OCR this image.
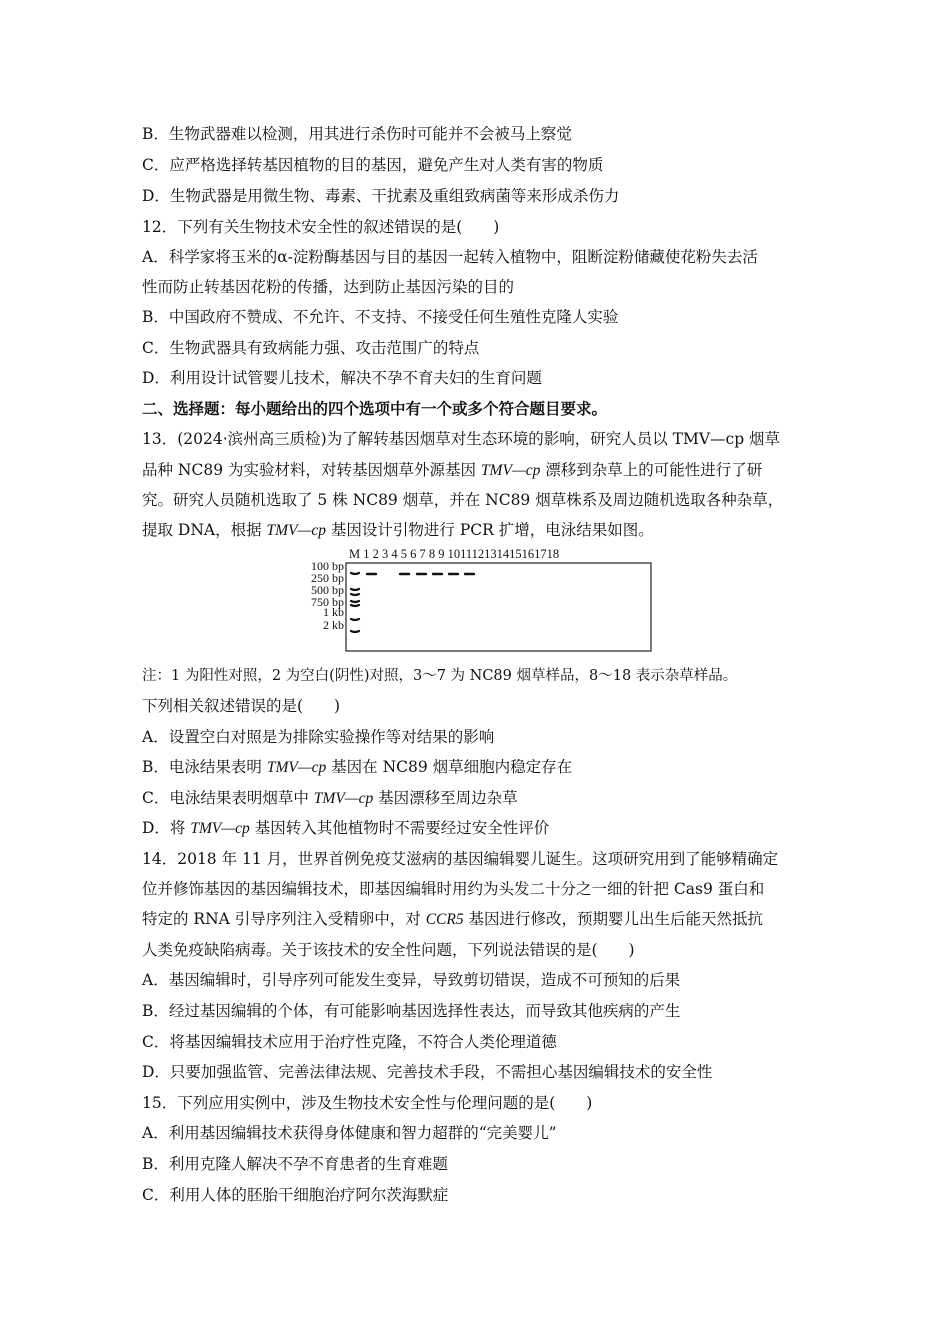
B．生物武器难以检测，用其进行杀伤时可能并不会被马上察觉
C．应严格选择转基因植物的目的基因，避免产生对人类有害的物质
D．生物武器是用微生物、毒素、干扰素及重组致病菌等来形成杀伤力
12．下列有关生物技术安全性的叙述错误的是(　　)
A．科学家将玉米的α-淀粉酶基因与目的基因一起转入植物中，阻断淀粉储藏使花粉失去活
性而防止转基因花粉的传播，达到防止基因污染的目的
B．中国政府不赞成、不允许、不支持、不接受任何生殖性克隆人实验
C．生物武器具有致病能力强、攻击范围广的特点
D．利用设计试管婴儿技术，解决不孕不育夫妇的生育问题
二、选择题：每小题给出的四个选项中有一个或多个符合题目要求。
13．(2024·滨州高三质检)为了解转基因烟草对生态环境的影响，研究人员以 TMV—cp 烟草
品种 NC89 为实验材料，对转基因烟草外源基因 TMV—cp 漂移到杂草上的可能性进行了研
究。研究人员随机选取了 5 株 NC89 烟草，并在 NC89 烟草株系及周边随机选取各种杂草，
提取 DNA，根据 TMV—cp 基因设计引物进行 PCR 扩增，电泳结果如图。
M 1 2 3 4 5 6 7 8 9 101112131415161718
100 bp
250 bp
500 bp
750 bp
1 kb
2 kb
注：1 为阳性对照，2 为空白(阴性)对照，3～7 为 NC89 烟草样品，8～18 表示杂草样品。
下列相关叙述错误的是(　　)
A．设置空白对照是为排除实验操作等对结果的影响
B．电泳结果表明 TMV—cp 基因在 NC89 烟草细胞内稳定存在
C．电泳结果表明烟草中 TMV—cp 基因漂移至周边杂草
D．将 TMV—cp 基因转入其他植物时不需要经过安全性评价
14．2018 年 11 月，世界首例免疫艾滋病的基因编辑婴儿诞生。这项研究用到了能够精确定
位并修饰基因的基因编辑技术，即基因编辑时用约为头发二十分之一细的针把 Cas9 蛋白和
特定的 RNA 引导序列注入受精卵中，对 CCR5 基因进行修改，预期婴儿出生后能天然抵抗
人类免疫缺陷病毒。关于该技术的安全性问题，下列说法错误的是(　　)
A．基因编辑时，引导序列可能发生变异，导致剪切错误，造成不可预知的后果
B．经过基因编辑的个体，有可能影响基因选择性表达，而导致其他疾病的产生
C．将基因编辑技术应用于治疗性克隆，不符合人类伦理道德
D．只要加强监管、完善法律法规、完善技术手段，不需担心基因编辑技术的安全性
15．下列应用实例中，涉及生物技术安全性与伦理问题的是(　　)
A．利用基因编辑技术获得身体健康和智力超群的“完美婴儿”
B．利用克隆人解决不孕不育患者的生育难题
C．利用人体的胚胎干细胞治疗阿尔茨海默症
